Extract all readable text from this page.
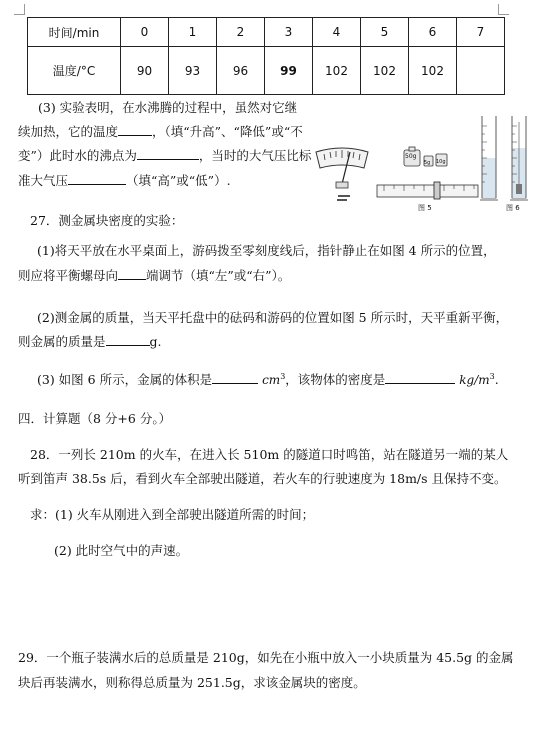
时间/min	0	1	2	3	4	5	6	7
温度/°C	90	93	96	99	102	102	102	
(3) 实验表明，在水沸腾的过程中，虽然对它继
续加热，它的温度	，（填“升高”、“降低”或“不
变”）此时水的沸点为	，当时的大气压比标
准大气压	（填“高”或“低”）.
50g
5g 10g
图 5	图 6
27．测金属块密度的实验：
(1)将天平放在水平桌面上，游码拨至零刻度线后，指针静止在如图 4 所示的位置，
则应将平衡螺母向 端调节（填“左”或“右”）。
(2)测金属的质量，当天平托盘中的砝码和游码的位置如图 5 所示时，天平重新平衡，
则金属的质量是	g.
(3) 如图 6 所示，金属的体积是	$cm^3$，该物体的密度是	$kg/m^3$.
四．计算题（8 分+6 分。）
28．一列长 210m 的火车，在进入长 510m 的隧道口时鸣笛，站在隧道另一端的某人
听到笛声 38.5s 后，看到火车全部驶出隧道，若火车的行驶速度为 18m/s 且保持不变。
求：(1) 火车从刚进入到全部驶出隧道所需的时间；
(2) 此时空气中的声速。
29．一个瓶子装满水后的总质量是 210g，如先在小瓶中放入一小块质量为 45.5g 的金属
块后再装满水，则称得总质量为 251.5g，求该金属块的密度。
